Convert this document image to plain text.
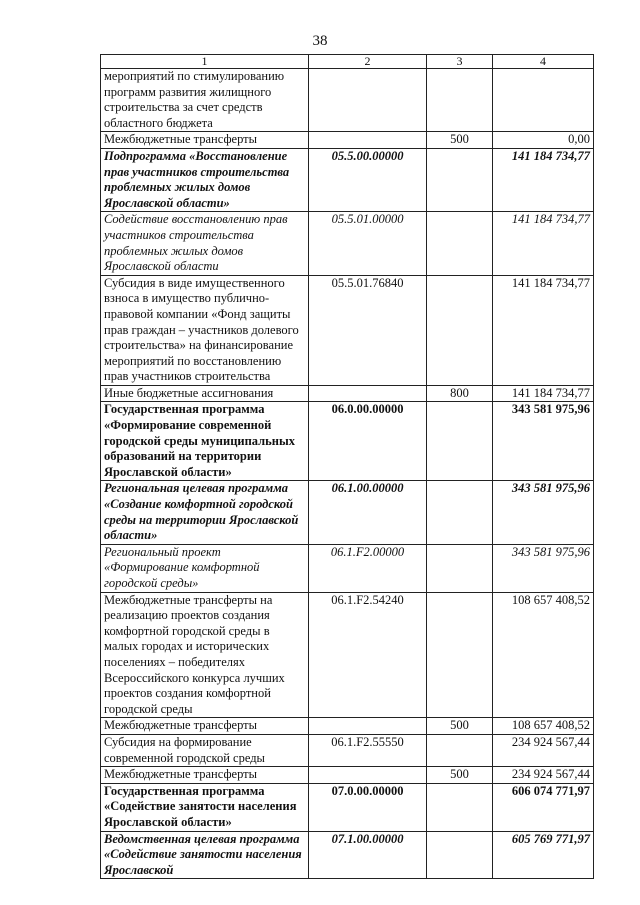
38
1	2	3	4
мероприятий по стимулированию программ развития жилищного строительства за счет средств областного бюджета			
Межбюджетные трансферты		500	0,00
Подпрограмма «Восстановление прав участников строительства проблемных жилых домов Ярославской области»	05.5.00.00000		141 184 734,77
Содействие восстановлению прав участников строительства проблемных жилых домов Ярославской области	05.5.01.00000		141 184 734,77
Субсидия в виде имущественного взноса в имущество публично-правовой компании «Фонд защиты прав граждан – участников долевого строительства» на финансирование мероприятий по восстановлению прав участников строительства	05.5.01.76840		141 184 734,77
Иные бюджетные ассигнования		800	141 184 734,77
Государственная программа «Формирование современной городской среды муниципальных образований на территории Ярославской области»	06.0.00.00000		343 581 975,96
Региональная целевая программа «Создание комфортной городской среды на территории Ярославской области»	06.1.00.00000		343 581 975,96
Региональный проект «Формирование комфортной городской среды»	06.1.F2.00000		343 581 975,96
Межбюджетные трансферты на реализацию проектов создания комфортной городской среды в малых городах и исторических поселениях – победителях Всероссийского конкурса лучших проектов создания комфортной городской среды	06.1.F2.54240		108 657 408,52
Межбюджетные трансферты		500	108 657 408,52
Субсидия на формирование современной городской среды	06.1.F2.55550		234 924 567,44
Межбюджетные трансферты		500	234 924 567,44
Государственная программа «Содействие занятости населения Ярославской области»	07.0.00.00000		606 074 771,97
Ведомственная целевая программа «Содействие занятости населения Ярославской	07.1.00.00000		605 769 771,97
